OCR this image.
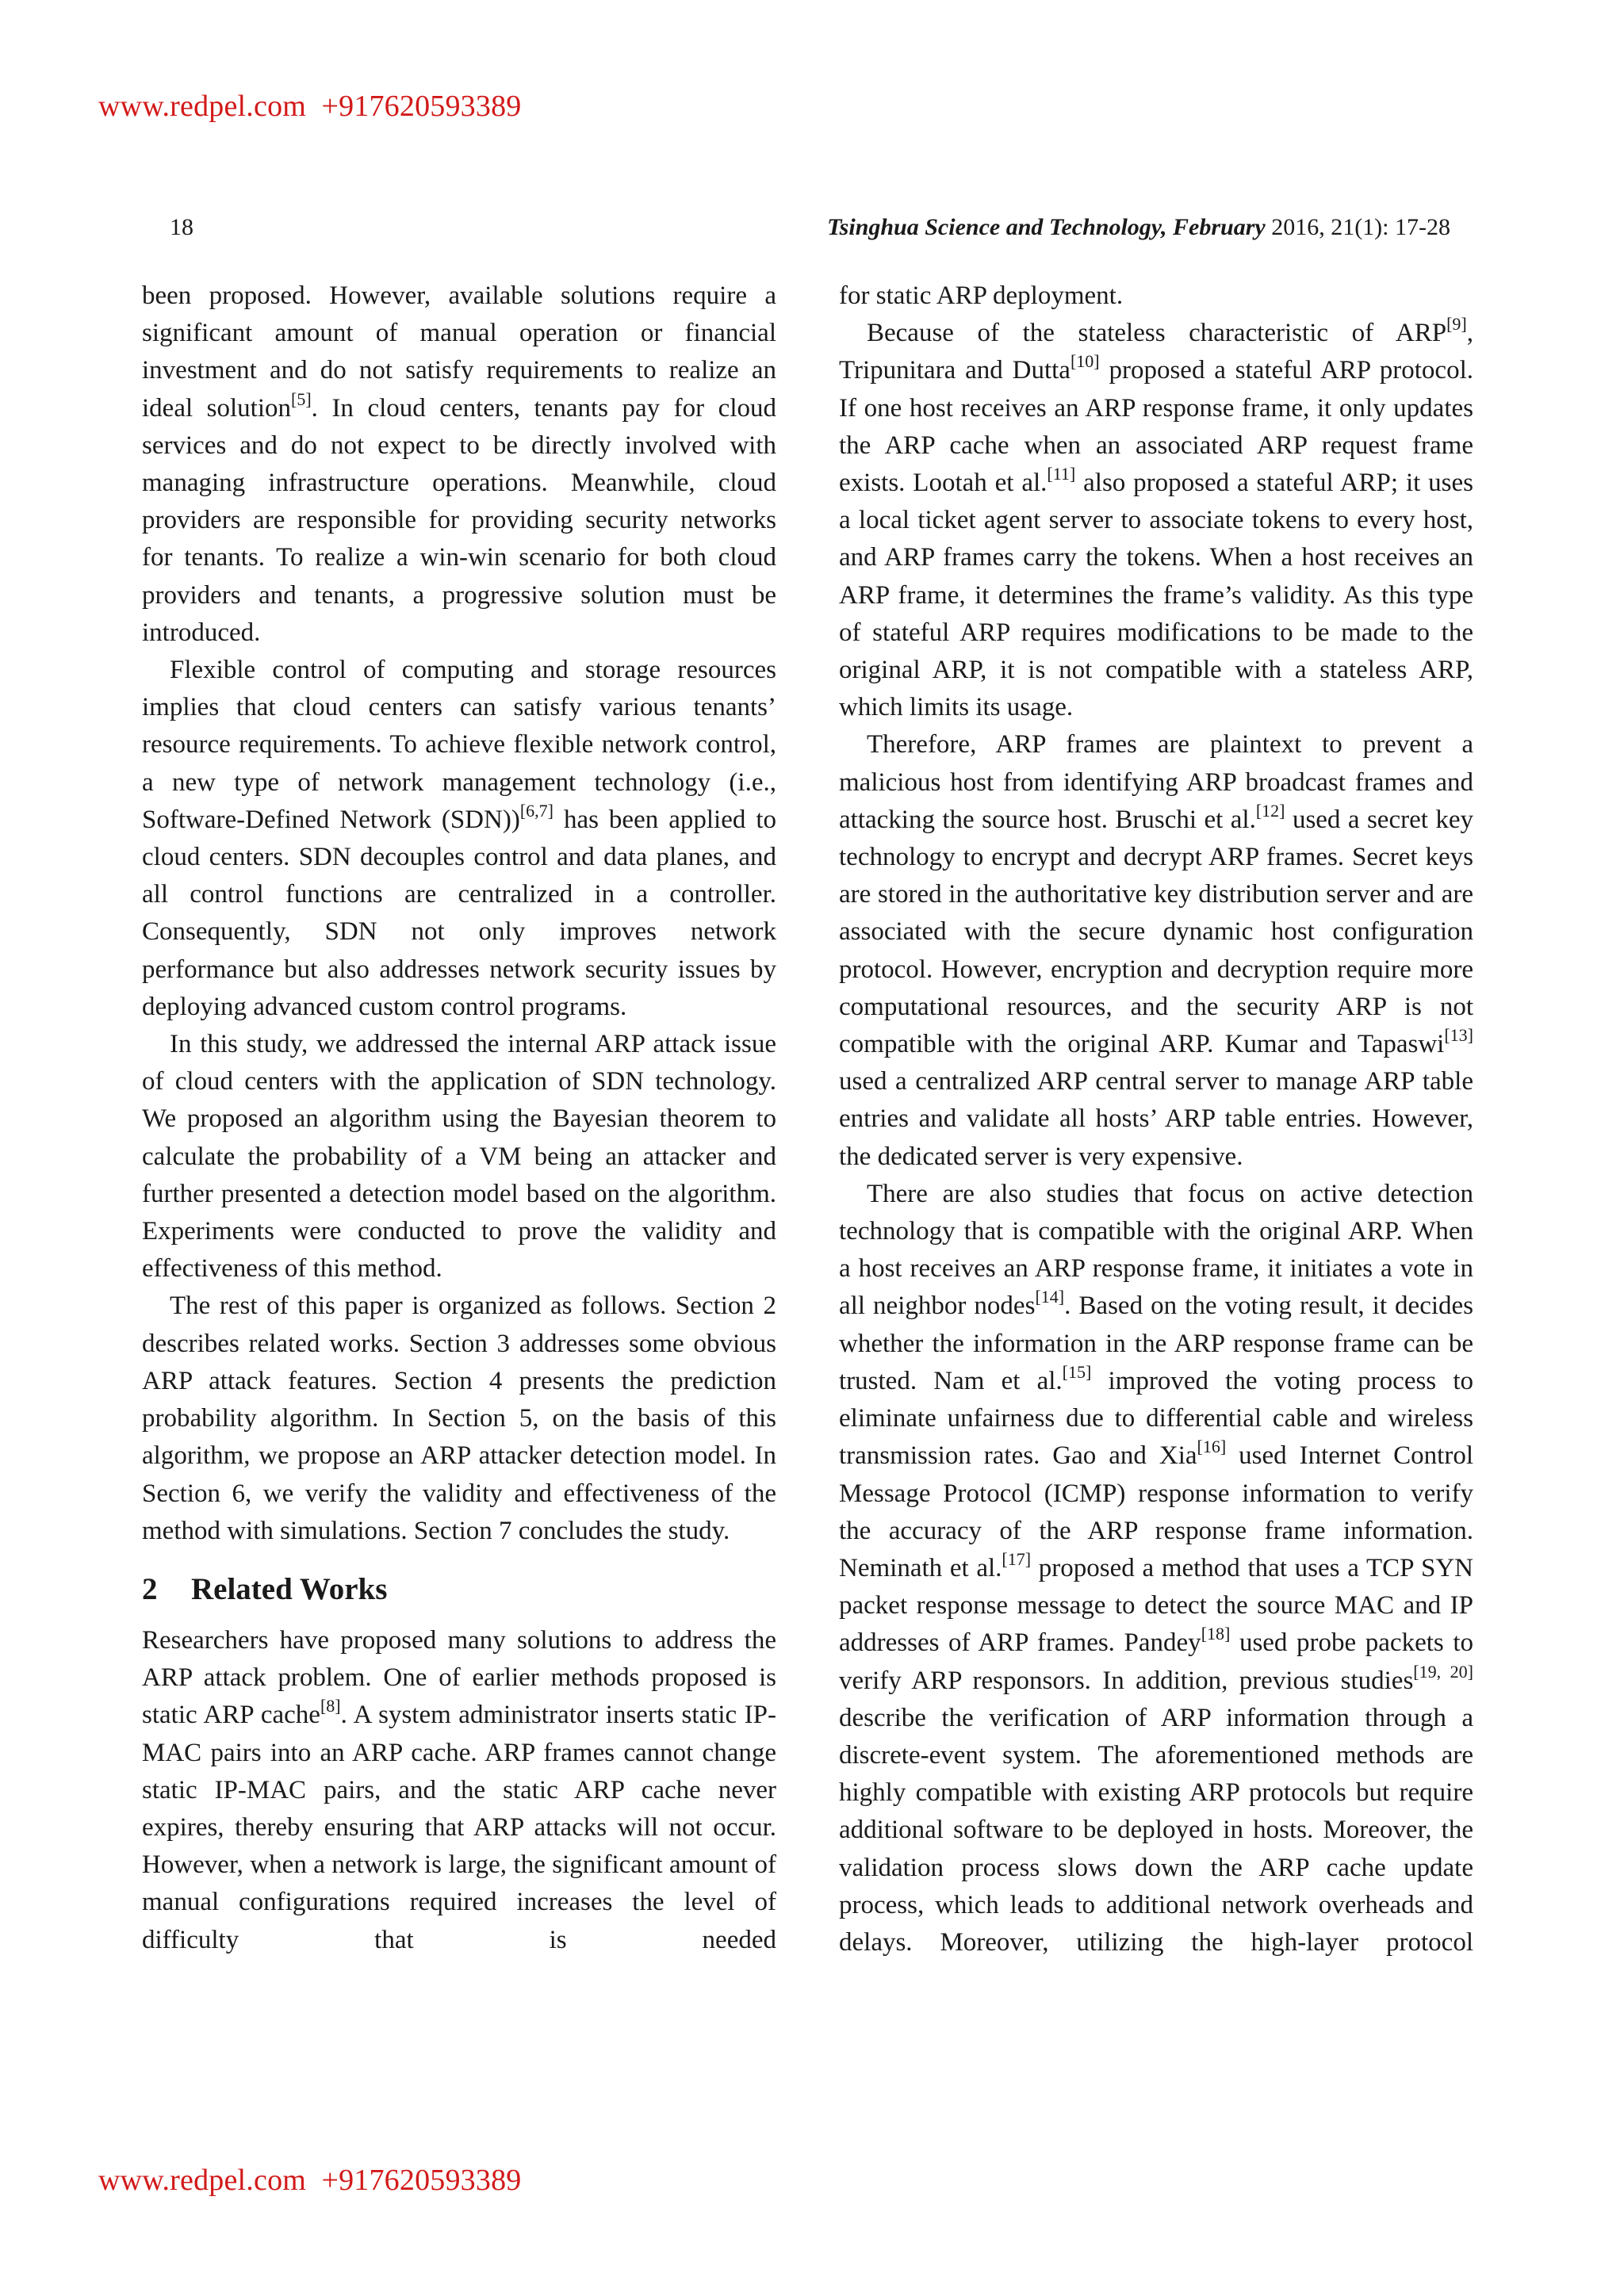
www.redpel.com +917620593389
18	Tsinghua Science and Technology, February 2016, 21(1): 17-28

been proposed. However, available solutions require a significant amount of manual operation or financial investment and do not satisfy requirements to realize an ideal solution[5]. In cloud centers, tenants pay for cloud services and do not expect to be directly involved with managing infrastructure operations. Meanwhile, cloud providers are responsible for providing security networks for tenants. To realize a win-win scenario for both cloud providers and tenants, a progressive solution must be introduced.

Flexible control of computing and storage resources implies that cloud centers can satisfy various tenants’ resource requirements. To achieve flexible network control, a new type of network management technology (i.e., Software-Defined Network (SDN))[6,7] has been applied to cloud centers. SDN decouples control and data planes, and all control functions are centralized in a controller. Consequently, SDN not only improves network performance but also addresses network security issues by deploying advanced custom control programs.

In this study, we addressed the internal ARP attack issue of cloud centers with the application of SDN technology. We proposed an algorithm using the Bayesian theorem to calculate the probability of a VM being an attacker and further presented a detection model based on the algorithm. Experiments were conducted to prove the validity and effectiveness of this method.

The rest of this paper is organized as follows. Section 2 describes related works. Section 3 addresses some obvious ARP attack features. Section 4 presents the prediction probability algorithm. In Section 5, on the basis of this algorithm, we propose an ARP attacker detection model. In Section 6, we verify the validity and effectiveness of the method with simulations. Section 7 concludes the study.

2 Related Works

Researchers have proposed many solutions to address the ARP attack problem. One of earlier methods proposed is static ARP cache[8]. A system administrator inserts static IP-MAC pairs into an ARP cache. ARP frames cannot change static IP-MAC pairs, and the static ARP cache never expires, thereby ensuring that ARP attacks will not occur. However, when a network is large, the significant amount of manual configurations required increases the level of difficulty that is needed

for static ARP deployment.

Because of the stateless characteristic of ARP[9], Tripunitara and Dutta[10] proposed a stateful ARP protocol. If one host receives an ARP response frame, it only updates the ARP cache when an associated ARP request frame exists. Lootah et al.[11] also proposed a stateful ARP; it uses a local ticket agent server to associate tokens to every host, and ARP frames carry the tokens. When a host receives an ARP frame, it determines the frame’s validity. As this type of stateful ARP requires modifications to be made to the original ARP, it is not compatible with a stateless ARP, which limits its usage.

Therefore, ARP frames are plaintext to prevent a malicious host from identifying ARP broadcast frames and attacking the source host. Bruschi et al.[12] used a secret key technology to encrypt and decrypt ARP frames. Secret keys are stored in the authoritative key distribution server and are associated with the secure dynamic host configuration protocol. However, encryption and decryption require more computational resources, and the security ARP is not compatible with the original ARP. Kumar and Tapaswi[13] used a centralized ARP central server to manage ARP table entries and validate all hosts’ ARP table entries. However, the dedicated server is very expensive.

There are also studies that focus on active detection technology that is compatible with the original ARP. When a host receives an ARP response frame, it initiates a vote in all neighbor nodes[14]. Based on the voting result, it decides whether the information in the ARP response frame can be trusted. Nam et al.[15] improved the voting process to eliminate unfairness due to differential cable and wireless transmission rates. Gao and Xia[16] used Internet Control Message Protocol (ICMP) response information to verify the accuracy of the ARP response frame information. Neminath et al.[17] proposed a method that uses a TCP SYN packet response message to detect the source MAC and IP addresses of ARP frames. Pandey[18] used probe packets to verify ARP responsors. In addition, previous studies[19, 20] describe the verification of ARP information through a discrete-event system. The aforementioned methods are highly compatible with existing ARP protocols but require additional software to be deployed in hosts. Moreover, the validation process slows down the ARP cache update process, which leads to additional network overheads and delays. Moreover, utilizing the high-layer protocol

www.redpel.com +917620593389
